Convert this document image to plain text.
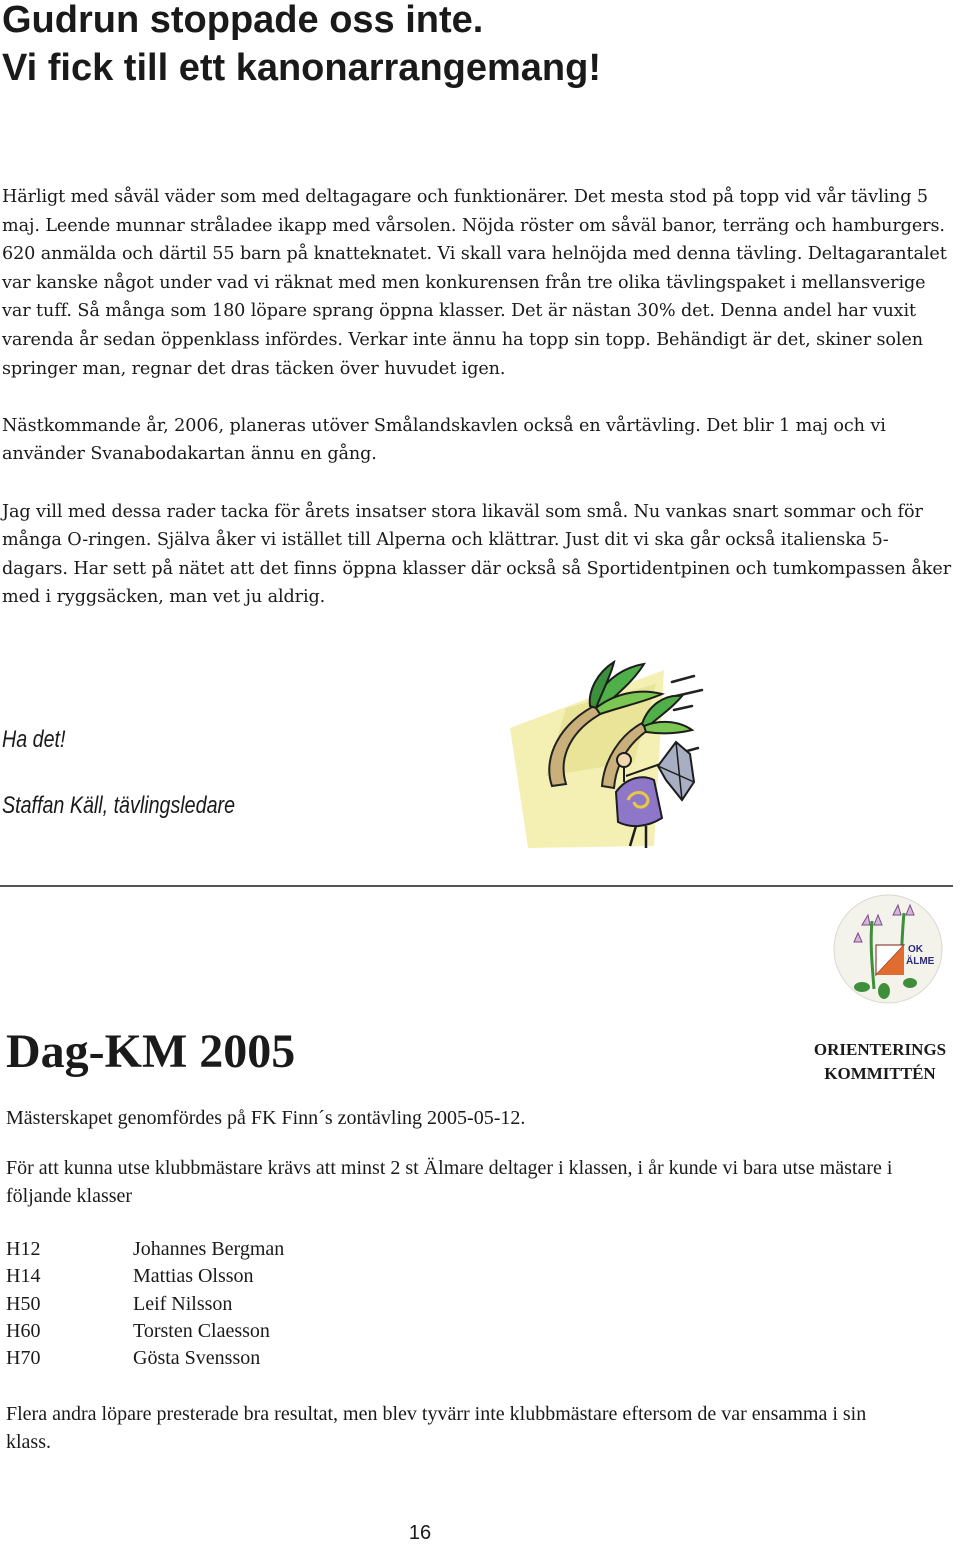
Gudrun stoppade oss inte.
Vi fick till ett kanonarrangemang!

Härligt med såväl väder som med deltagagare och funktionärer. Det mesta stod på topp vid vår tävling 5 maj. Leende munnar stråladee ikapp med vårsolen. Nöjda röster om såväl banor, terräng och hamburgers. 620 anmälda och därtil 55 barn på knatteknatet. Vi skall vara helnöjda med denna tävling. Deltagarantalet var kanske något under vad vi räknat med men konkurensen från tre olika tävlingspaket i mellansverige var tuff. Så många som 180 löpare sprang öppna klasser. Det är nästan 30% det. Denna andel har vuxit varenda år sedan öppenklass infördes. Verkar inte ännu ha topp sin topp. Behändigt är det, skiner solen springer man, regnar det dras täcken över huvudet igen.

Nästkommande år, 2006, planeras utöver Smålandskavlen också en vårtävling. Det blir 1 maj och vi använder Svanabodakartan ännu en gång.

Jag vill med dessa rader tacka för årets insatser stora likaväl som små. Nu vankas snart sommar och för många O-ringen. Själva åker vi istället till Alperna och klättrar. Just dit vi ska går också italienska 5-dagars. Har sett på nätet att det finns öppna klasser där också så Sportidentpinen och tumkompassen åker med i ryggsäcken, man vet ju aldrig.

Ha det!
Staffan Käll, tävlingsledare
OK
ÄLME
Dag-KM 2005	ORIENTERINGS
KOMMITTÉN

Mästerskapet genomfördes på FK Finn´s zontävling 2005-05-12.

För att kunna utse klubbmästare krävs att minst 2 st Älmare deltager i klassen, i år kunde vi bara utse mästare i följande klasser

H12	Johannes Bergman
H14	Mattias Olsson
H50	Leif Nilsson
H60	Torsten Claesson
H70	Gösta Svensson

Flera andra löpare presterade bra resultat, men blev tyvärr inte klubbmästare eftersom de var ensamma i sin klass.

16
